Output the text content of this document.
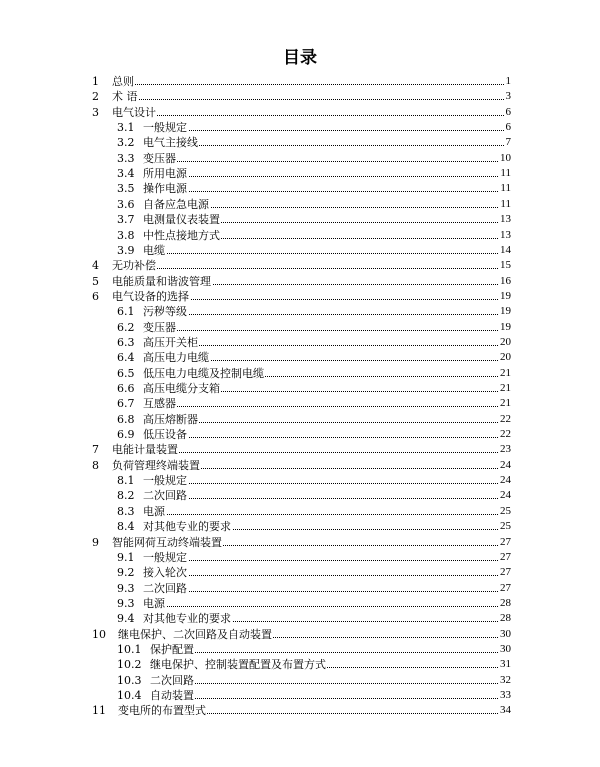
目录
1 总则	1
2 术 语	3
3 电气设计	6
3.1 一般规定	6
3.2 电气主接线	7
3.3 变压器	10
3.4 所用电源	11
3.5 操作电源	11
3.6 自备应急电源	11
3.7 电测量仪表装置	13
3.8 中性点接地方式	13
3.9 电缆	14
4 无功补偿	15
5 电能质量和谐波管理	16
6 电气设备的选择	19
6.1 污秽等级	19
6.2 变压器	19
6.3 高压开关柜	20
6.4 高压电力电缆	20
6.5 低压电力电缆及控制电缆	21
6.6 高压电缆分支箱	21
6.7 互感器	21
6.8 高压熔断器	22
6.9 低压设备	22
7 电能计量装置	23
8 负荷管理终端装置	24
8.1 一般规定	24
8.2 二次回路	24
8.3 电源	25
8.4 对其他专业的要求	25
9 智能网荷互动终端装置	27
9.1 一般规定	27
9.2 接入轮次	27
9.3 二次回路	27
9.3 电源	28
9.4 对其他专业的要求	28
10 继电保护、二次回路及自动装置	30
10.1 保护配置	30
10.2 继电保护、控制装置配置及布置方式	31
10.3 二次回路	32
10.4 自动装置	33
11 变电所的布置型式	34
